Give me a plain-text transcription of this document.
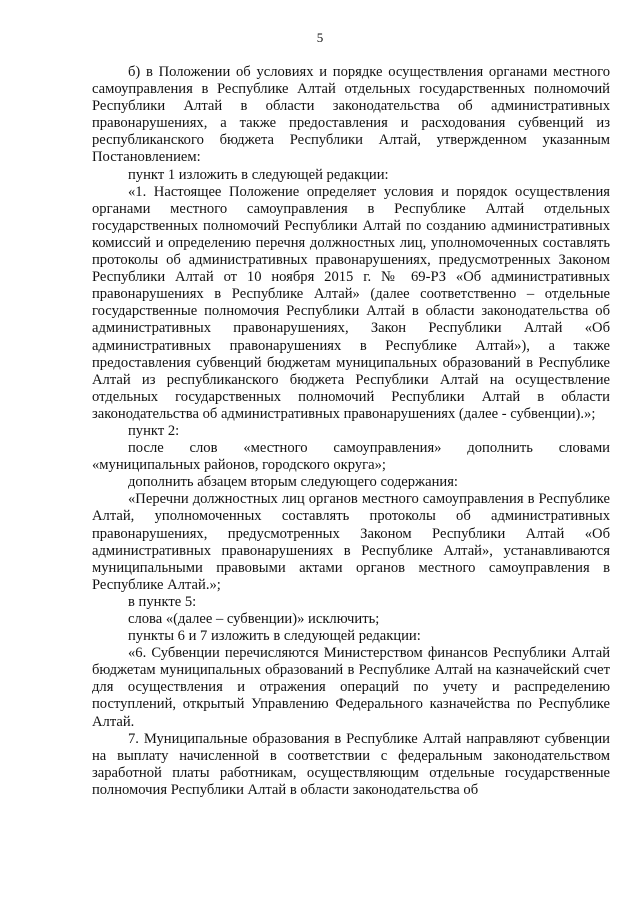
5

б) в Положении об условиях и порядке осуществления органами местного самоуправления в Республике Алтай отдельных государственных полномочий Республики Алтай в области законодательства об административных правонарушениях, а также предоставления и расходования субвенций из республиканского бюджета Республики Алтай, утвержденном указанным Постановлением:

пункт 1 изложить в следующей редакции:

«1. Настоящее Положение определяет условия и порядок осуществления органами местного самоуправления в Республике Алтай отдельных государственных полномочий Республики Алтай по созданию административных комиссий и определению перечня должностных лиц, уполномоченных составлять протоколы об административных правонарушениях, предусмотренных Законом Республики Алтай от 10 ноября 2015 г. № 69-РЗ «Об административных правонарушениях в Республике Алтай» (далее соответственно – отдельные государственные полномочия Республики Алтай в области законодательства об административных правонарушениях, Закон Республики Алтай «Об административных правонарушениях в Республике Алтай»), а также предоставления субвенций бюджетам муниципальных образований в Республике Алтай из республиканского бюджета Республики Алтай на осуществление отдельных государственных полномочий Республики Алтай в области законодательства об административных правонарушениях (далее - субвенции).»;

пункт 2:

после слов «местного самоуправления» дополнить словами «муниципальных районов, городского округа»;

дополнить абзацем вторым следующего содержания:

«Перечни должностных лиц органов местного самоуправления в Республике Алтай, уполномоченных составлять протоколы об административных правонарушениях, предусмотренных Законом Республики Алтай «Об административных правонарушениях в Республике Алтай», устанавливаются муниципальными правовыми актами органов местного самоуправления в Республике Алтай.»;

в пункте 5:

слова «(далее – субвенции)» исключить;

пункты 6 и 7 изложить в следующей редакции:

«6. Субвенции перечисляются Министерством финансов Республики Алтай бюджетам муниципальных образований в Республике Алтай на казначейский счет для осуществления и отражения операций по учету и распределению поступлений, открытый Управлению Федерального казначейства по Республике Алтай.

7. Муниципальные образования в Республике Алтай направляют субвенции на выплату начисленной в соответствии с федеральным законодательством заработной платы работникам, осуществляющим отдельные государственные полномочия Республики Алтай в области законодательства об
